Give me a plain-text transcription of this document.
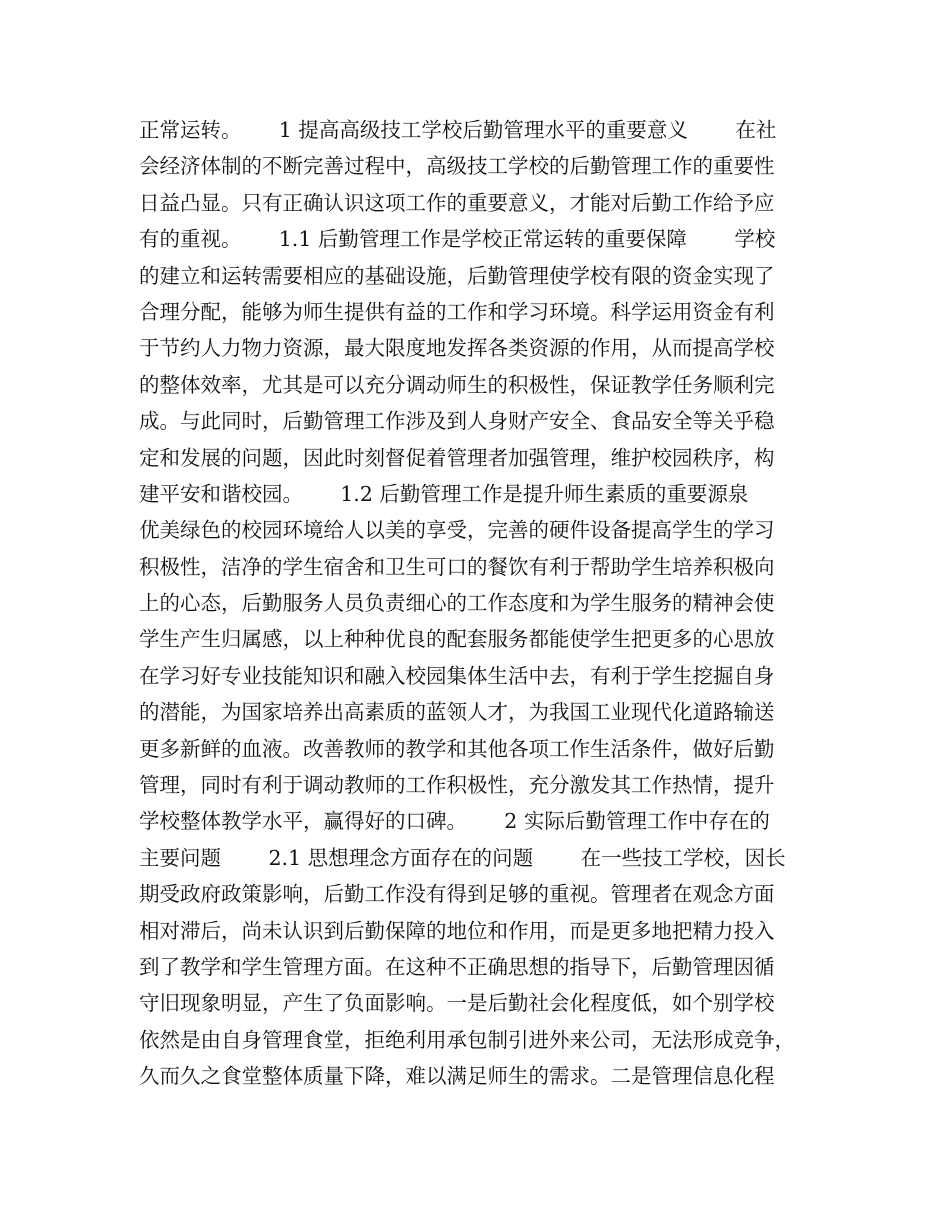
正常运转。　　 1 提高高级技工学校后勤管理水平的重要意义　　 在社
会经济体制的不断完善过程中，高级技工学校的后勤管理工作的重要性
日益凸显。只有正确认识这项工作的重要意义，才能对后勤工作给予应
有的重视。　　 1.1 后勤管理工作是学校正常运转的重要保障　　 学校
的建立和运转需要相应的基础设施，后勤管理使学校有限的资金实现了
合理分配，能够为师生提供有益的工作和学习环境。科学运用资金有利
于节约人力物力资源，最大限度地发挥各类资源的作用，从而提高学校
的整体效率，尤其是可以充分调动师生的积极性，保证教学任务顺利完
成。与此同时，后勤管理工作涉及到人身财产安全、食品安全等关乎稳
定和发展的问题，因此时刻督促着管理者加强管理，维护校园秩序，构
建平安和谐校园。　　 1.2 后勤管理工作是提升师生素质的重要源泉
优美绿色的校园环境给人以美的享受，完善的硬件设备提高学生的学习
积极性，洁净的学生宿舍和卫生可口的餐饮有利于帮助学生培养积极向
上的心态，后勤服务人员负责细心的工作态度和为学生服务的精神会使
学生产生归属感，以上种种优良的配套服务都能使学生把更多的心思放
在学习好专业技能知识和融入校园集体生活中去，有利于学生挖掘自身
的潜能，为国家培养出高素质的蓝领人才，为我国工业现代化道路输送
更多新鲜的血液。改善教师的教学和其他各项工作生活条件，做好后勤
管理，同时有利于调动教师的工作积极性，充分激发其工作热情，提升
学校整体教学水平，赢得好的口碑。　　 2 实际后勤管理工作中存在的
主要问题　　 2.1 思想理念方面存在的问题　　 在一些技工学校，因长
期受政府政策影响，后勤工作没有得到足够的重视。管理者在观念方面
相对滞后，尚未认识到后勤保障的地位和作用，而是更多地把精力投入
到了教学和学生管理方面。在这种不正确思想的指导下，后勤管理因循
守旧现象明显，产生了负面影响。一是后勤社会化程度低，如个别学校
依然是由自身管理食堂，拒绝利用承包制引进外来公司，无法形成竞争，
久而久之食堂整体质量下降，难以满足师生的需求。二是管理信息化程
